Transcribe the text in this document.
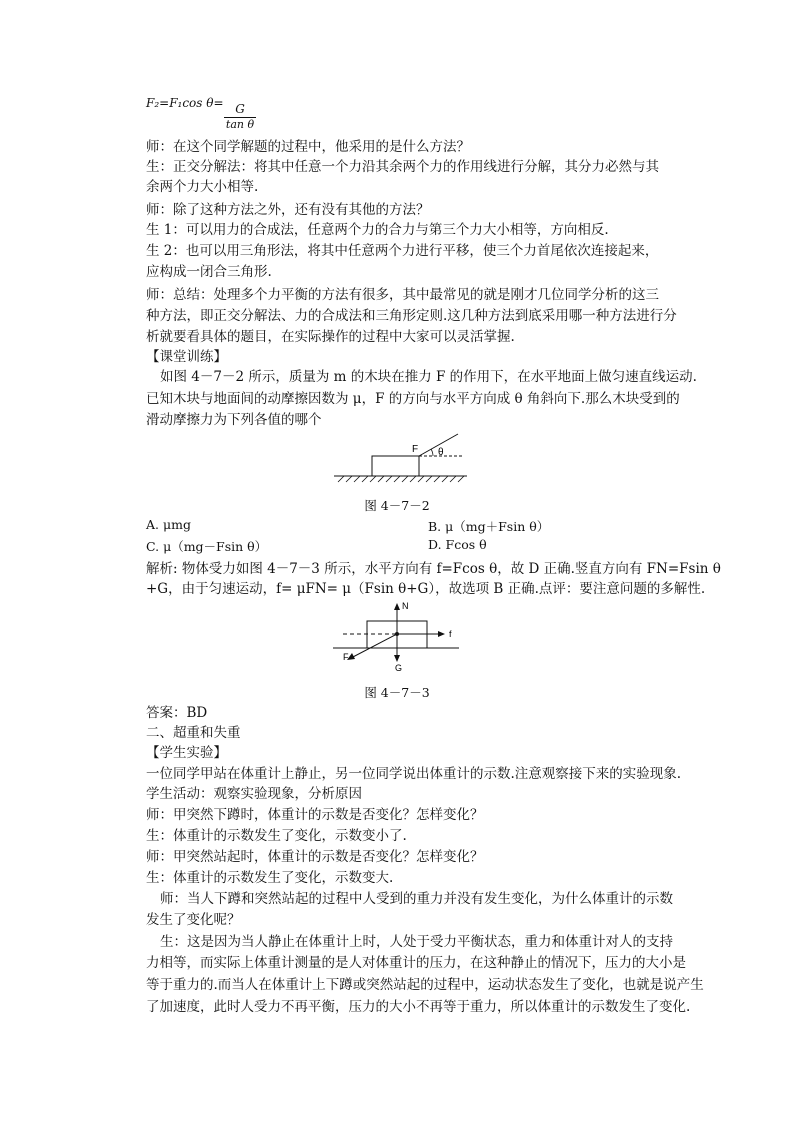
F₂=F₁cos $\theta= \frac{G}{\text{tan θ}}$
师：在这个同学解题的过程中，他采用的是什么方法？
生：正交分解法：将其中任意一个力沿其余两个力的作用线进行分解，其分力必然与其
余两个力大小相等.
师：除了这种方法之外，还有没有其他的方法？
生 1：可以用力的合成法，任意两个力的合力与第三个力大小相等，方向相反.
生 2：也可以用三角形法，将其中任意两个力进行平移，使三个力首尾依次连接起来，
应构成一闭合三角形.
师：总结：处理多个力平衡的方法有很多，其中最常见的就是刚才几位同学分析的这三
种方法，即正交分解法、力的合成法和三角形定则.这几种方法到底采用哪一种方法进行分
析就要看具体的题目，在实际操作的过程中大家可以灵活掌握.
【课堂训练】
如图 4－7－2 所示，质量为 m 的木块在推力 F 的作用下，在水平地面上做匀速直线运动.
已知木块与地面间的动摩擦因数为 μ，F 的方向与水平方向成 θ 角斜向下.那么木块受到的
滑动摩擦力为下列各值的哪个
F θ
图 4－7－2
A. μmg	B. μ（mg＋Fsin θ）
C. μ（mg－Fsin θ）	D. Fcos θ
解析: 物体受力如图 4－7－3 所示，水平方向有 f=Fcos θ，故 D 正确.竖直方向有 FN=Fsin θ
+G，由于匀速运动，f= μFN= μ（Fsin θ+G），故选项 B 正确.点评：要注意问题的多解性.
N
f
F
G
图 4－7－3
答案：BD
二、超重和失重
【学生实验】
一位同学甲站在体重计上静止，另一位同学说出体重计的示数.注意观察接下来的实验现象.
学生活动：观察实验现象，分析原因
师：甲突然下蹲时，体重计的示数是否变化？怎样变化？
生：体重计的示数发生了变化，示数变小了.
师：甲突然站起时，体重计的示数是否变化？怎样变化？
生：体重计的示数发生了变化，示数变大.
师：当人下蹲和突然站起的过程中人受到的重力并没有发生变化，为什么体重计的示数
发生了变化呢？
生：这是因为当人静止在体重计上时，人处于受力平衡状态，重力和体重计对人的支持
力相等，而实际上体重计测量的是人对体重计的压力，在这种静止的情况下，压力的大小是
等于重力的.而当人在体重计上下蹲或突然站起的过程中，运动状态发生了变化，也就是说产生
了加速度，此时人受力不再平衡，压力的大小不再等于重力，所以体重计的示数发生了变化.
